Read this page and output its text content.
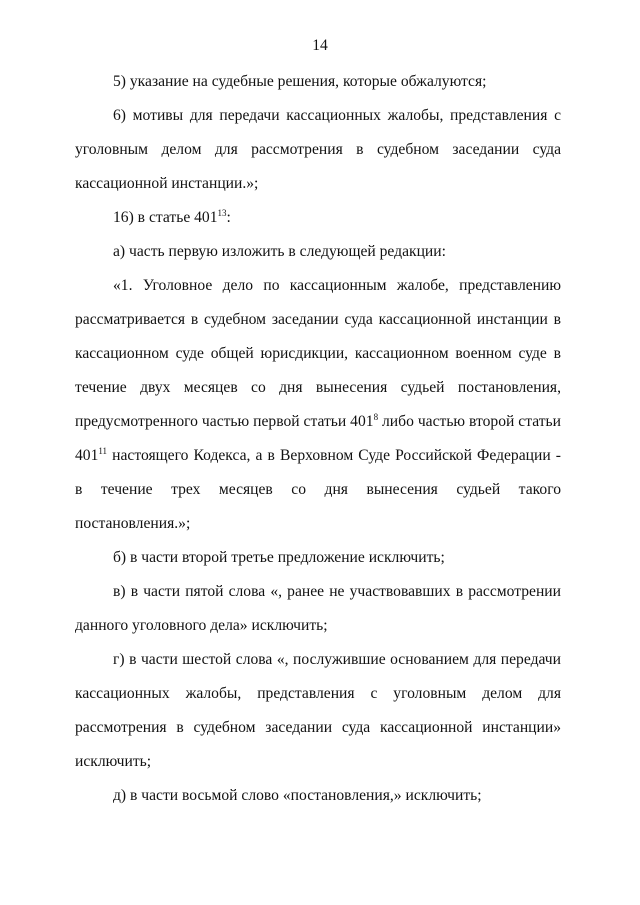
14

5) указание на судебные решения, которые обжалуются;

6) мотивы для передачи кассационных жалобы, представления с уголовным делом для рассмотрения в судебном заседании суда кассационной инстанции.»;

16) в статье $401^{13}$:

а) часть первую изложить в следующей редакции:

«1. Уголовное дело по кассационным жалобе, представлению рассматривается в судебном заседании суда кассационной инстанции в кассационном суде общей юрисдикции, кассационном военном суде в течение двух месяцев со дня вынесения судьей постановления, предусмотренного частью первой статьи $401^8$ либо частью второй статьи $401^{11}$ настоящего Кодекса, а в Верховном Суде Российской Федерации - в течение трех месяцев со дня вынесения судьей такого постановления.»;

б) в части второй третье предложение исключить;

в) в части пятой слова «, ранее не участвовавших в рассмотрении данного уголовного дела» исключить;

г) в части шестой слова «, послужившие основанием для передачи кассационных жалобы, представления с уголовным делом для рассмотрения в судебном заседании суда кассационной инстанции» исключить;

д) в части восьмой слово «постановления,» исключить;
